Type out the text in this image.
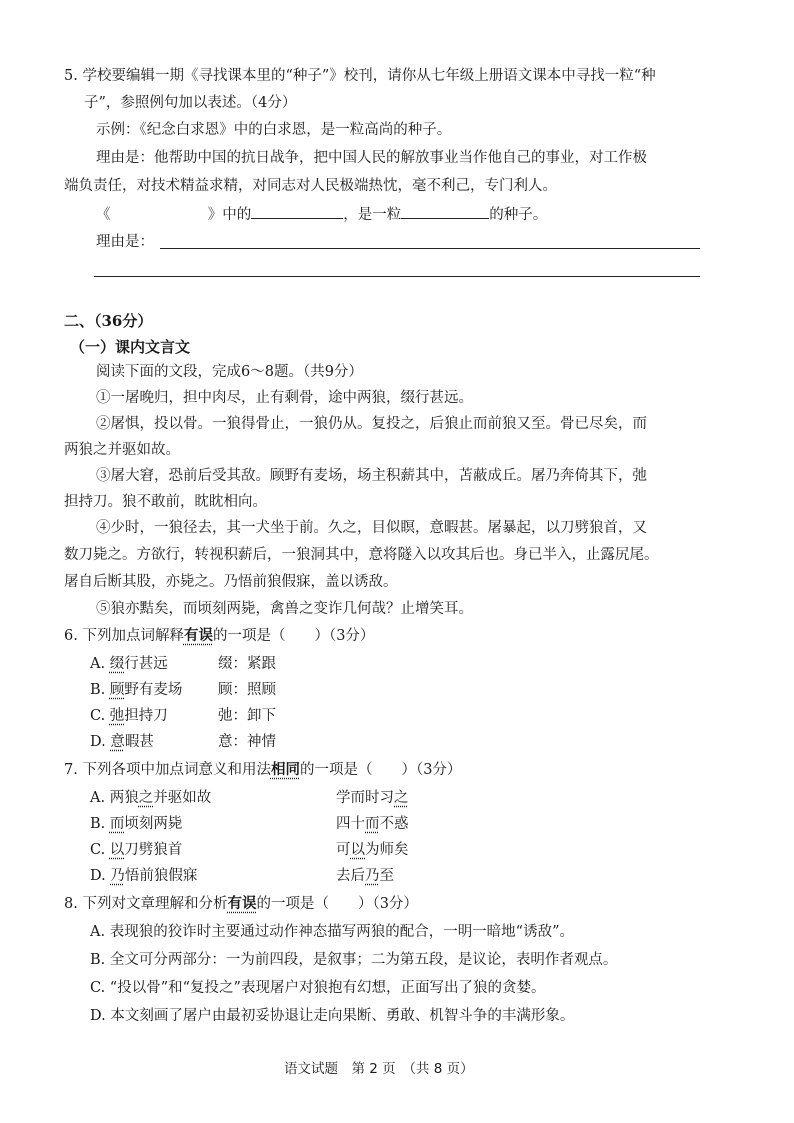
5. 学校要编辑一期《寻找课本里的“种子”》校刊，请你从七年级上册语文课本中寻找一粒“种
子”，参照例句加以表述。（4分）
示例：《纪念白求恩》中的白求恩，是一粒高尚的种子。
理由是：他帮助中国的抗日战争，把中国人民的解放事业当作他自己的事业，对工作极
端负责任，对技术精益求精，对同志对人民极端热忱，毫不利己，专门利人。
《	》中的	，是一粒	的种子。
理由是：
二、（36分）
（一）课内文言文
阅读下面的文段，完成6～8题。（共9分）
①一屠晚归，担中肉尽，止有剩骨，途中两狼，缀行甚远。
②屠惧，投以骨。一狼得骨止，一狼仍从。复投之，后狼止而前狼又至。骨已尽矣，而
两狼之并驱如故。
③屠大窘，恐前后受其敌。顾野有麦场，场主积薪其中，苫蔽成丘。屠乃奔倚其下，弛
担持刀。狼不敢前，眈眈相向。
④少时，一狼径去，其一犬坐于前。久之，目似瞑，意暇甚。屠暴起，以刀劈狼首，又
数刀毙之。方欲行，转视积薪后，一狼洞其中，意将隧入以攻其后也。身已半入，止露尻尾。
屠自后断其股，亦毙之。乃悟前狼假寐，盖以诱敌。
⑤狼亦黠矣，而顷刻两毙，禽兽之变诈几何哉？止增笑耳。
6. 下列加点词解释有误的一项是（　　）（3分）
A. 缀行甚远	缀：紧跟
B. 顾野有麦场 顾：照顾
C. 弛担持刀	弛：卸下
D. 意暇甚	意：神情
7. 下列各项中加点词意义和用法相同的一项是（　　）（3分）
A. 两狼之并驱如故	学而时习之
B. 而顷刻两毙	四十而不惑
C. 以刀劈狼首	可以为师矣
D. 乃悟前狼假寐	去后乃至
8. 下列对文章理解和分析有误的一项是（　　）（3分）
A. 表现狼的狡诈时主要通过动作神态描写两狼的配合，一明一暗地“诱敌”。
B. 全文可分两部分：一为前四段，是叙事；二为第五段，是议论，表明作者观点。
C. “投以骨”和“复投之”表现屠户对狼抱有幻想，正面写出了狼的贪婪。
D. 本文刻画了屠户由最初妥协退让走向果断、勇敢、机智斗争的丰满形象。
语文试题　第 2 页　（共 8 页）
